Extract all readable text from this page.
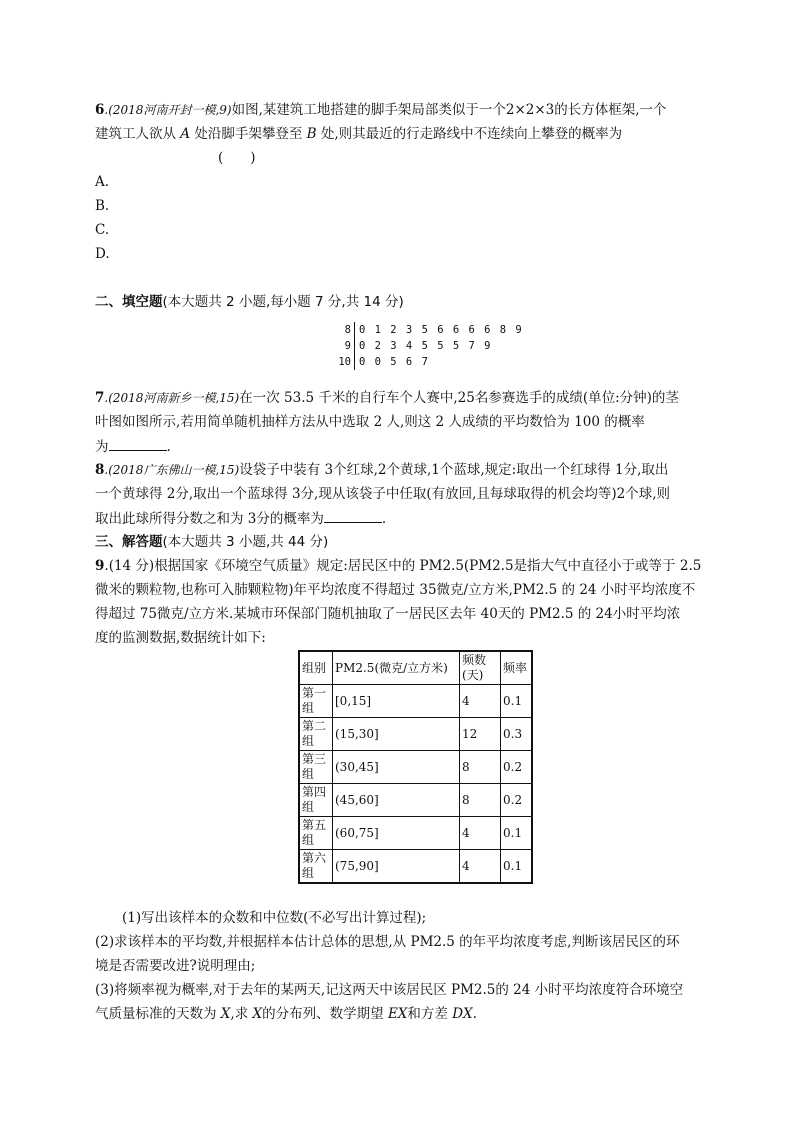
6.(2018河南开封一模,9)如图,某建筑工地搭建的脚手架局部类似于一个2×2×3的长方体框架,一个
建筑工人欲从 A 处沿脚手架攀登至 B 处,则其最近的行走路线中不连续向上攀登的概率为
(　　)
A.
B.
C.
D.
二、填空题(本大题共 2 小题,每小题 7 分,共 14 分)
8 0 1 2 3 5 6 6 6 6 8 9
9 0 2 3 4 5 5 5 7 9
10 0 0 5 6 7
7.(2018河南新乡一模,15)在一次 53.5 千米的自行车个人赛中,25名参赛选手的成绩(单位:分钟)的茎
叶图如图所示,若用简单随机抽样方法从中选取 2 人,则这 2 人成绩的平均数恰为 100 的概率
为	.
8.(2018广东佛山一模,15)设袋子中装有 3个红球,2个黄球,1个蓝球,规定:取出一个红球得 1分,取出
一个黄球得 2分,取出一个蓝球得 3分,现从该袋子中任取(有放回,且每球取得的机会均等)2个球,则
取出此球所得分数之和为 3分的概率为	.
三、解答题(本大题共 3 小题,共 44 分)
9.(14 分)根据国家《环境空气质量》规定:居民区中的 PM2.5(PM2.5是指大气中直径小于或等于 2.5
微米的颗粒物,也称可入肺颗粒物)年平均浓度不得超过 35微克/立方米,PM2.5 的 24 小时平均浓度不
得超过 75微克/立方米.某城市环保部门随机抽取了一居民区去年 40天的 PM2.5 的 24小时平均浓
度的监测数据,数据统计如下:
组别	PM2.5(微克/立方米)	频数(天)	频率
第一组	[0,15]	4	0.1
第二组	(15,30]	12	0.3
第三组	(30,45]	8	0.2
第四组	(45,60]	8	0.2
第五组	(60,75]	4	0.1
第六组	(75,90]	4	0.1
(1)写出该样本的众数和中位数(不必写出计算过程);
(2)求该样本的平均数,并根据样本估计总体的思想,从 PM2.5 的年平均浓度考虑,判断该居民区的环
境是否需要改进?说明理由;
(3)将频率视为概率,对于去年的某两天,记这两天中该居民区 PM2.5的 24 小时平均浓度符合环境空
气质量标准的天数为 X,求 X的分布列、数学期望 EX和方差 DX.
